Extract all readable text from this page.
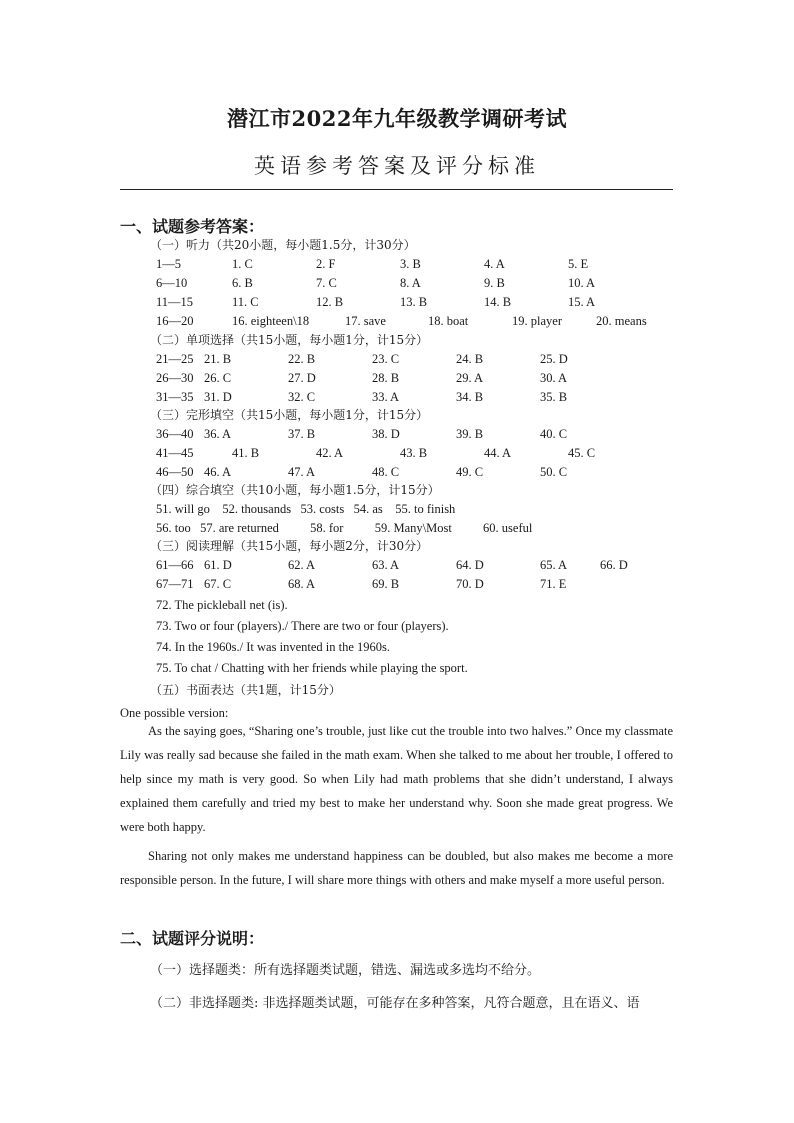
潜江市2022年九年级教学调研考试
英语参考答案及评分标准
一、试题参考答案：
（一）听力（共20小题，每小题1.5分，计30分）
1—5	1. C	2. F	3. B	4. A	5. E
6—10	6. B	7. C	8. A	9. B	10. A
11—15	11. C	12. B	13. B	14. B	15. A
16—20	16. eighteen\18	17. save	18. boat	19. player	20. means
（二）单项选择（共15小题，每小题1分，计15分）
21—25 21. B	22. B	23. C	24. B	25. D
26—30 26. C	27. D	28. B	29. A	30. A
31—35 31. D	32. C	33. A	34. B	35. B
（三）完形填空（共15小题，每小题1分，计15分）
36—40 36. A	37. B	38. D	39. B	40. C
41—45	41. B	42. A	43. B	44. A	45. C
46—50 46. A	47. A	48. C	49. C	50. C
（四）综合填空（共10小题，每小题1.5分，计15分）
51. will go    52. thousands   53. costs   54. as    55. to finish
56. too   57. are returned          58. for          59. Many\Most          60. useful
（三）阅读理解（共15小题，每小题2分，计30分）
61—66 61. D	62. A	63. A	64. D	65. A	66. D
67—71 67. C	68. A	69. B	70. D	71. E
72. The pickleball net (is).
73. Two or four (players)./ There are two or four (players).
74. In the 1960s./ It was invented in the 1960s.
75. To chat / Chatting with her friends while playing the sport.
（五）书面表达（共1题，计15分）
One possible version:

As the saying goes, “Sharing one’s trouble, just like cut the trouble into two halves.” Once my classmate Lily was really sad because she failed in the math exam. When she talked to me about her trouble, I offered to help since my math is very good. So when Lily had math problems that she didn’t understand, I always explained them carefully and tried my best to make her understand why. Soon she made great progress. We were both happy.

Sharing not only makes me understand happiness can be doubled, but also makes me become a more responsible person. In the future, I will share more things with others and make myself a more useful person.

二、试题评分说明：
（一）选择题类：所有选择题类试题，错选、漏选或多选均不给分。
（二）非选择题类: 非选择题类试题，可能存在多种答案，凡符合题意，且在语义、语
